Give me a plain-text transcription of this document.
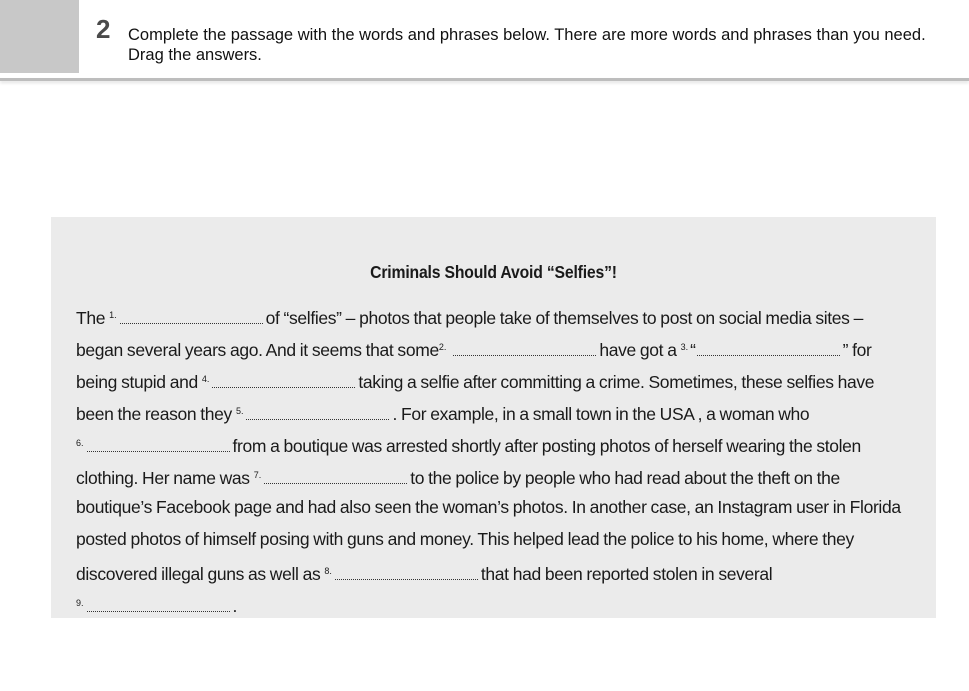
2 Complete the passage with the words and phrases below. There are more words and phrases than you need. Drag the answers.
Criminals Should Avoid “Selfies”!
The $^{1.}$	of “selfies” – photos that people take of themselves to post on social media sites –
began several years ago. And it seems that some$^{2.}$	have got a $^{3.}$ “	” for
being stupid and $^{4.}$	taking a selfie after committing a crime. Sometimes, these selfies have
been the reason they $^{5.}$	. For example, in a small town in the USA , a woman who
$^{6.}$	from a boutique was arrested shortly after posting photos of herself wearing the stolen
clothing. Her name was $^{7.}$	to the police by people who had read about the theft on the
boutique’s Facebook page and had also seen the woman’s photos. In another case, an Instagram user in Florida
posted photos of himself posing with guns and money. This helped lead the police to his home, where they
discovered illegal guns as well as $^{8.}$	that had been reported stolen in several
$^{9.}$	.
